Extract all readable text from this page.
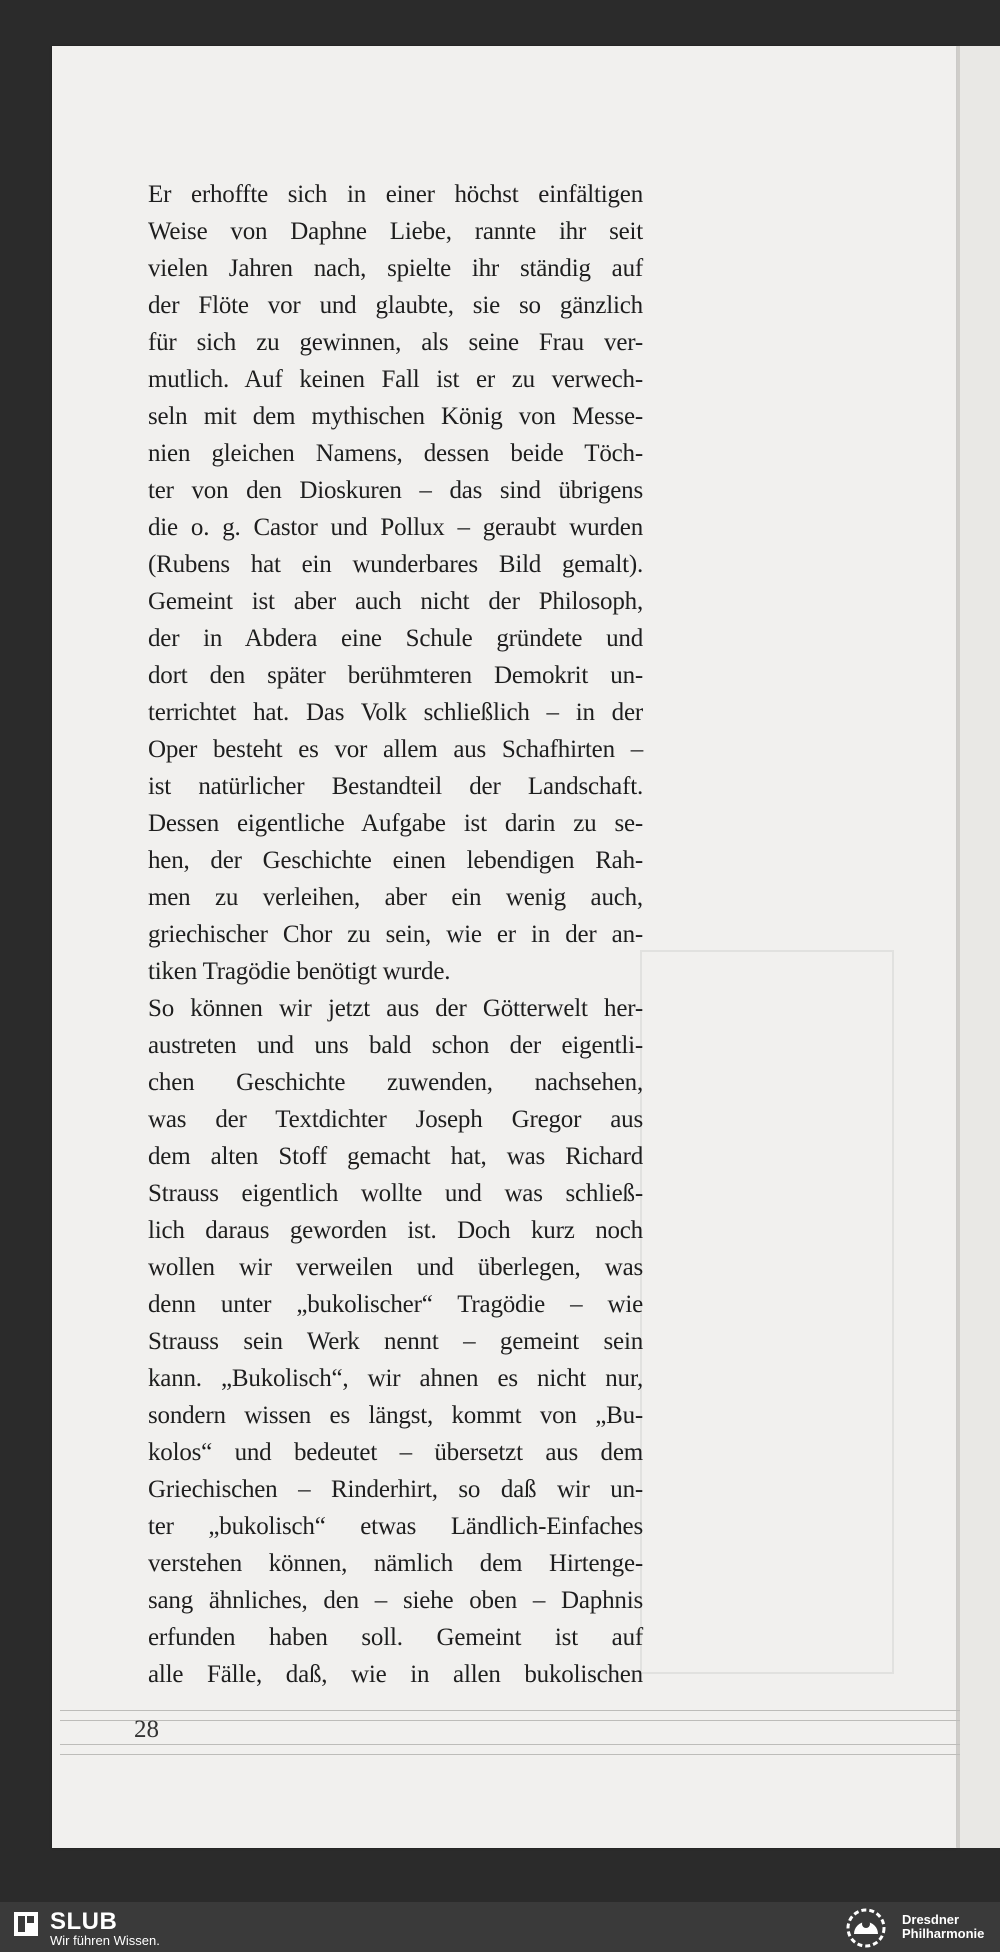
Er erhoffte sich in einer höchst einfältigen
Weise von Daphne Liebe, rannte ihr seit
vielen Jahren nach, spielte ihr ständig auf
der Flöte vor und glaubte, sie so gänzlich
für sich zu gewinnen, als seine Frau ver-
mutlich. Auf keinen Fall ist er zu verwech-
seln mit dem mythischen König von Messe-
nien gleichen Namens, dessen beide Töch-
ter von den Dioskuren – das sind übrigens
die o. g. Castor und Pollux – geraubt wurden
(Rubens hat ein wunderbares Bild gemalt).
Gemeint ist aber auch nicht der Philosoph,
der in Abdera eine Schule gründete und
dort den später berühmteren Demokrit un-
terrichtet hat. Das Volk schließlich – in der
Oper besteht es vor allem aus Schafhirten –
ist natürlicher Bestandteil der Landschaft.
Dessen eigentliche Aufgabe ist darin zu se-
hen, der Geschichte einen lebendigen Rah-
men zu verleihen, aber ein wenig auch,
griechischer Chor zu sein, wie er in der an-
tiken Tragödie benötigt wurde.
So können wir jetzt aus der Götterwelt her-
austreten und uns bald schon der eigentli-
chen Geschichte zuwenden, nachsehen,
was der Textdichter Joseph Gregor aus
dem alten Stoff gemacht hat, was Richard
Strauss eigentlich wollte und was schließ-
lich daraus geworden ist. Doch kurz noch
wollen wir verweilen und überlegen, was
denn unter „bukolischer“ Tragödie – wie
Strauss sein Werk nennt – gemeint sein
kann. „Bukolisch“, wir ahnen es nicht nur,
sondern wissen es längst, kommt von „Bu-
kolos“ und bedeutet – übersetzt aus dem
Griechischen – Rinderhirt, so daß wir un-
ter „bukolisch“ etwas Ländlich-Einfaches
verstehen können, nämlich dem Hirtenge-
sang ähnliches, den – siehe oben – Daphnis
erfunden haben soll. Gemeint ist auf
alle Fälle, daß, wie in allen bukolischen
28
SLUB
Wir führen Wissen.
Dresdner
Philharmonie
